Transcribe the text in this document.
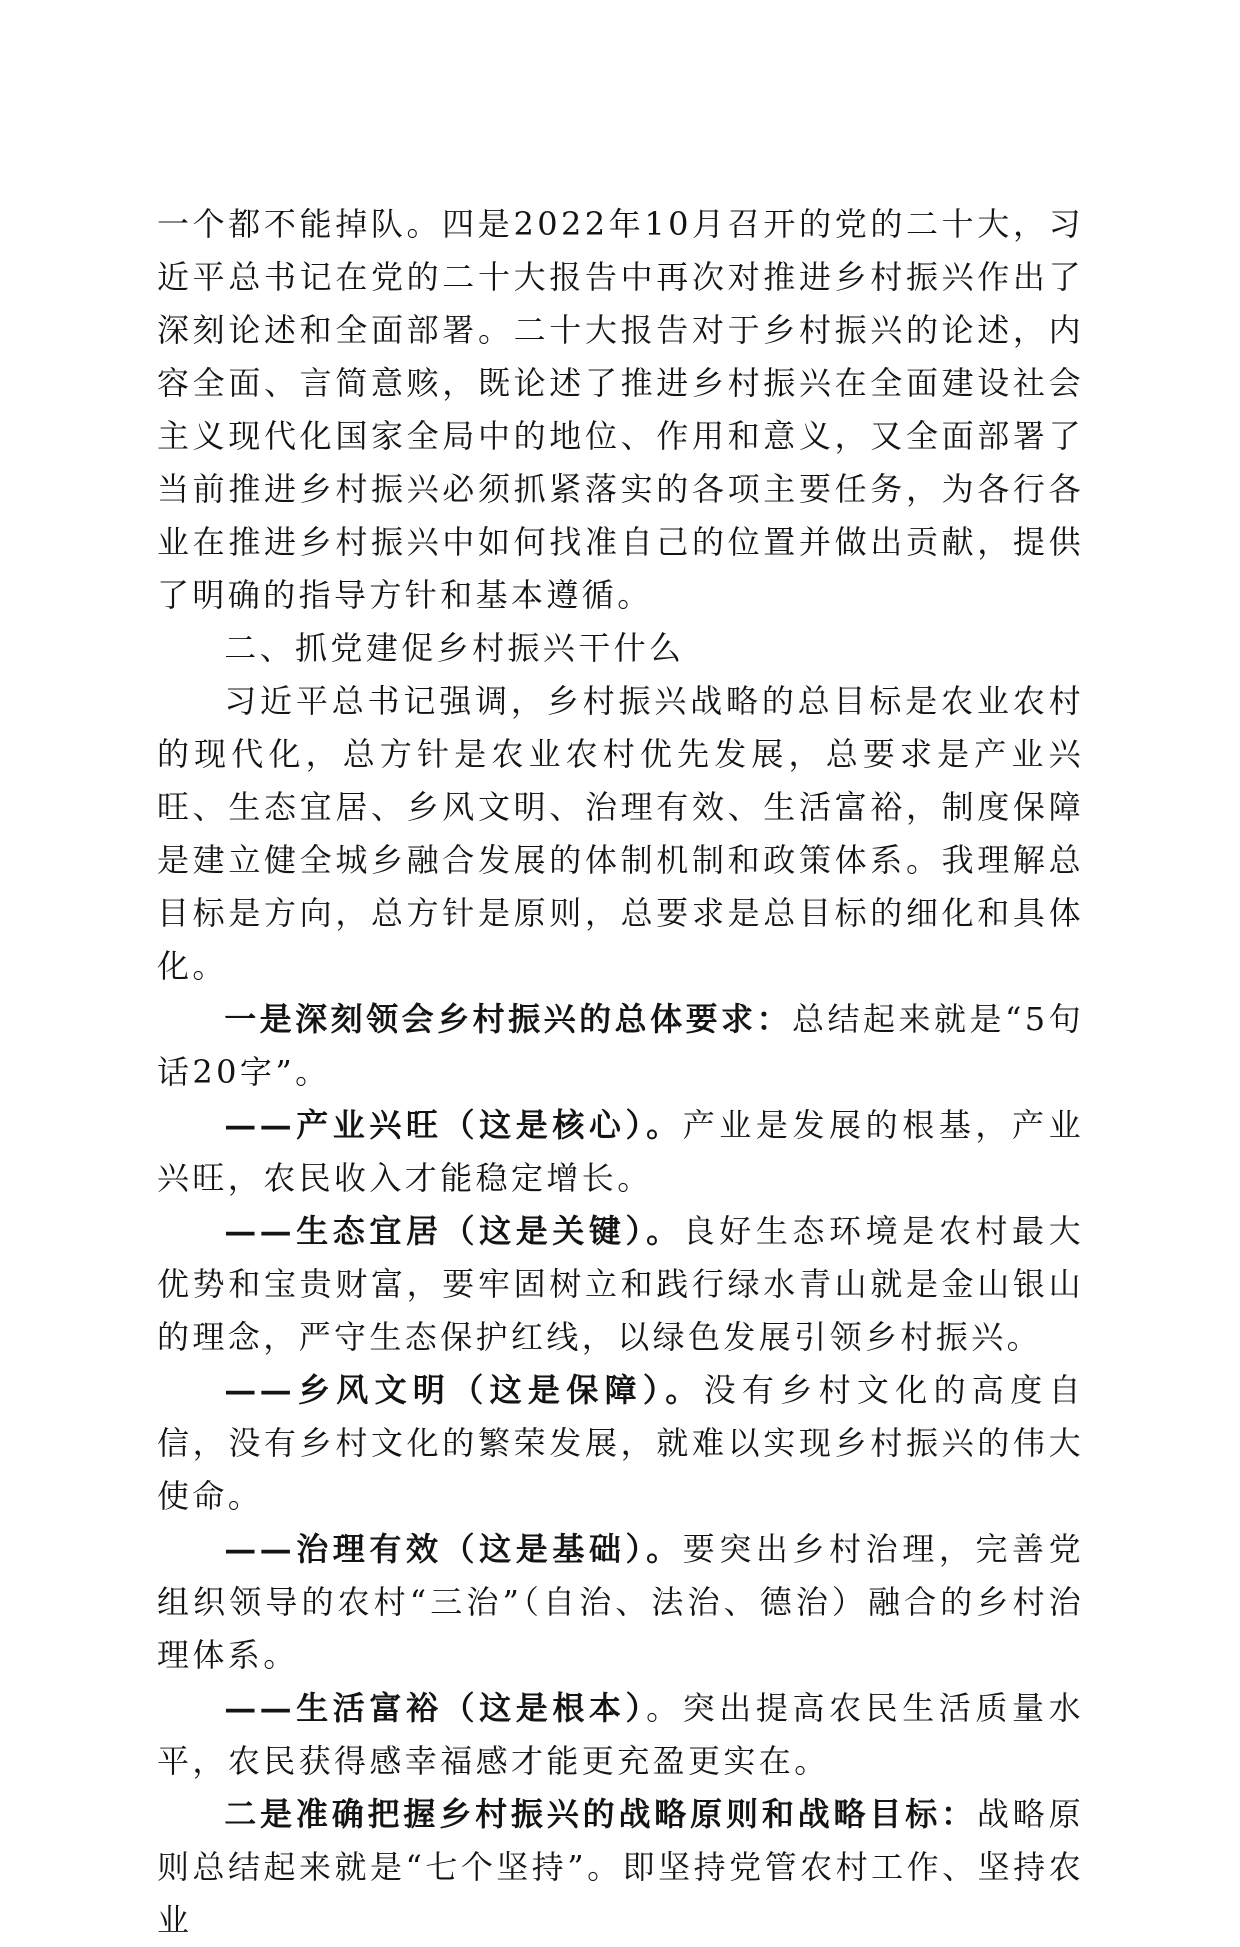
一个都不能掉队。四是2022年10月召开的党的二十大，习近平总书记在党的二十大报告中再次对推进乡村振兴作出了深刻论述和全面部署。二十大报告对于乡村振兴的论述，内容全面、言简意赅，既论述了推进乡村振兴在全面建设社会主义现代化国家全局中的地位、作用和意义，又全面部署了当前推进乡村振兴必须抓紧落实的各项主要任务，为各行各业在推进乡村振兴中如何找准自己的位置并做出贡献，提供了明确的指导方针和基本遵循。

二、抓党建促乡村振兴干什么

习近平总书记强调，乡村振兴战略的总目标是农业农村的现代化，总方针是农业农村优先发展，总要求是产业兴旺、生态宜居、乡风文明、治理有效、生活富裕，制度保障是建立健全城乡融合发展的体制机制和政策体系。我理解总目标是方向，总方针是原则，总要求是总目标的细化和具体化。

一是深刻领会乡村振兴的总体要求：总结起来就是“5句话20字”。

——产业兴旺（这是核心）。产业是发展的根基，产业兴旺，农民收入才能稳定增长。

——生态宜居（这是关键）。良好生态环境是农村最大优势和宝贵财富，要牢固树立和践行绿水青山就是金山银山的理念，严守生态保护红线，以绿色发展引领乡村振兴。

——乡风文明（这是保障）。没有乡村文化的高度自信，没有乡村文化的繁荣发展，就难以实现乡村振兴的伟大使命。

——治理有效（这是基础）。要突出乡村治理，完善党组织领导的农村“三治”（自治、法治、德治）融合的乡村治理体系。

——生活富裕（这是根本）。突出提高农民生活质量水平，农民获得感幸福感才能更充盈更实在。

二是准确把握乡村振兴的战略原则和战略目标：战略原则总结起来就是“七个坚持”。即坚持党管农村工作、坚持农业
